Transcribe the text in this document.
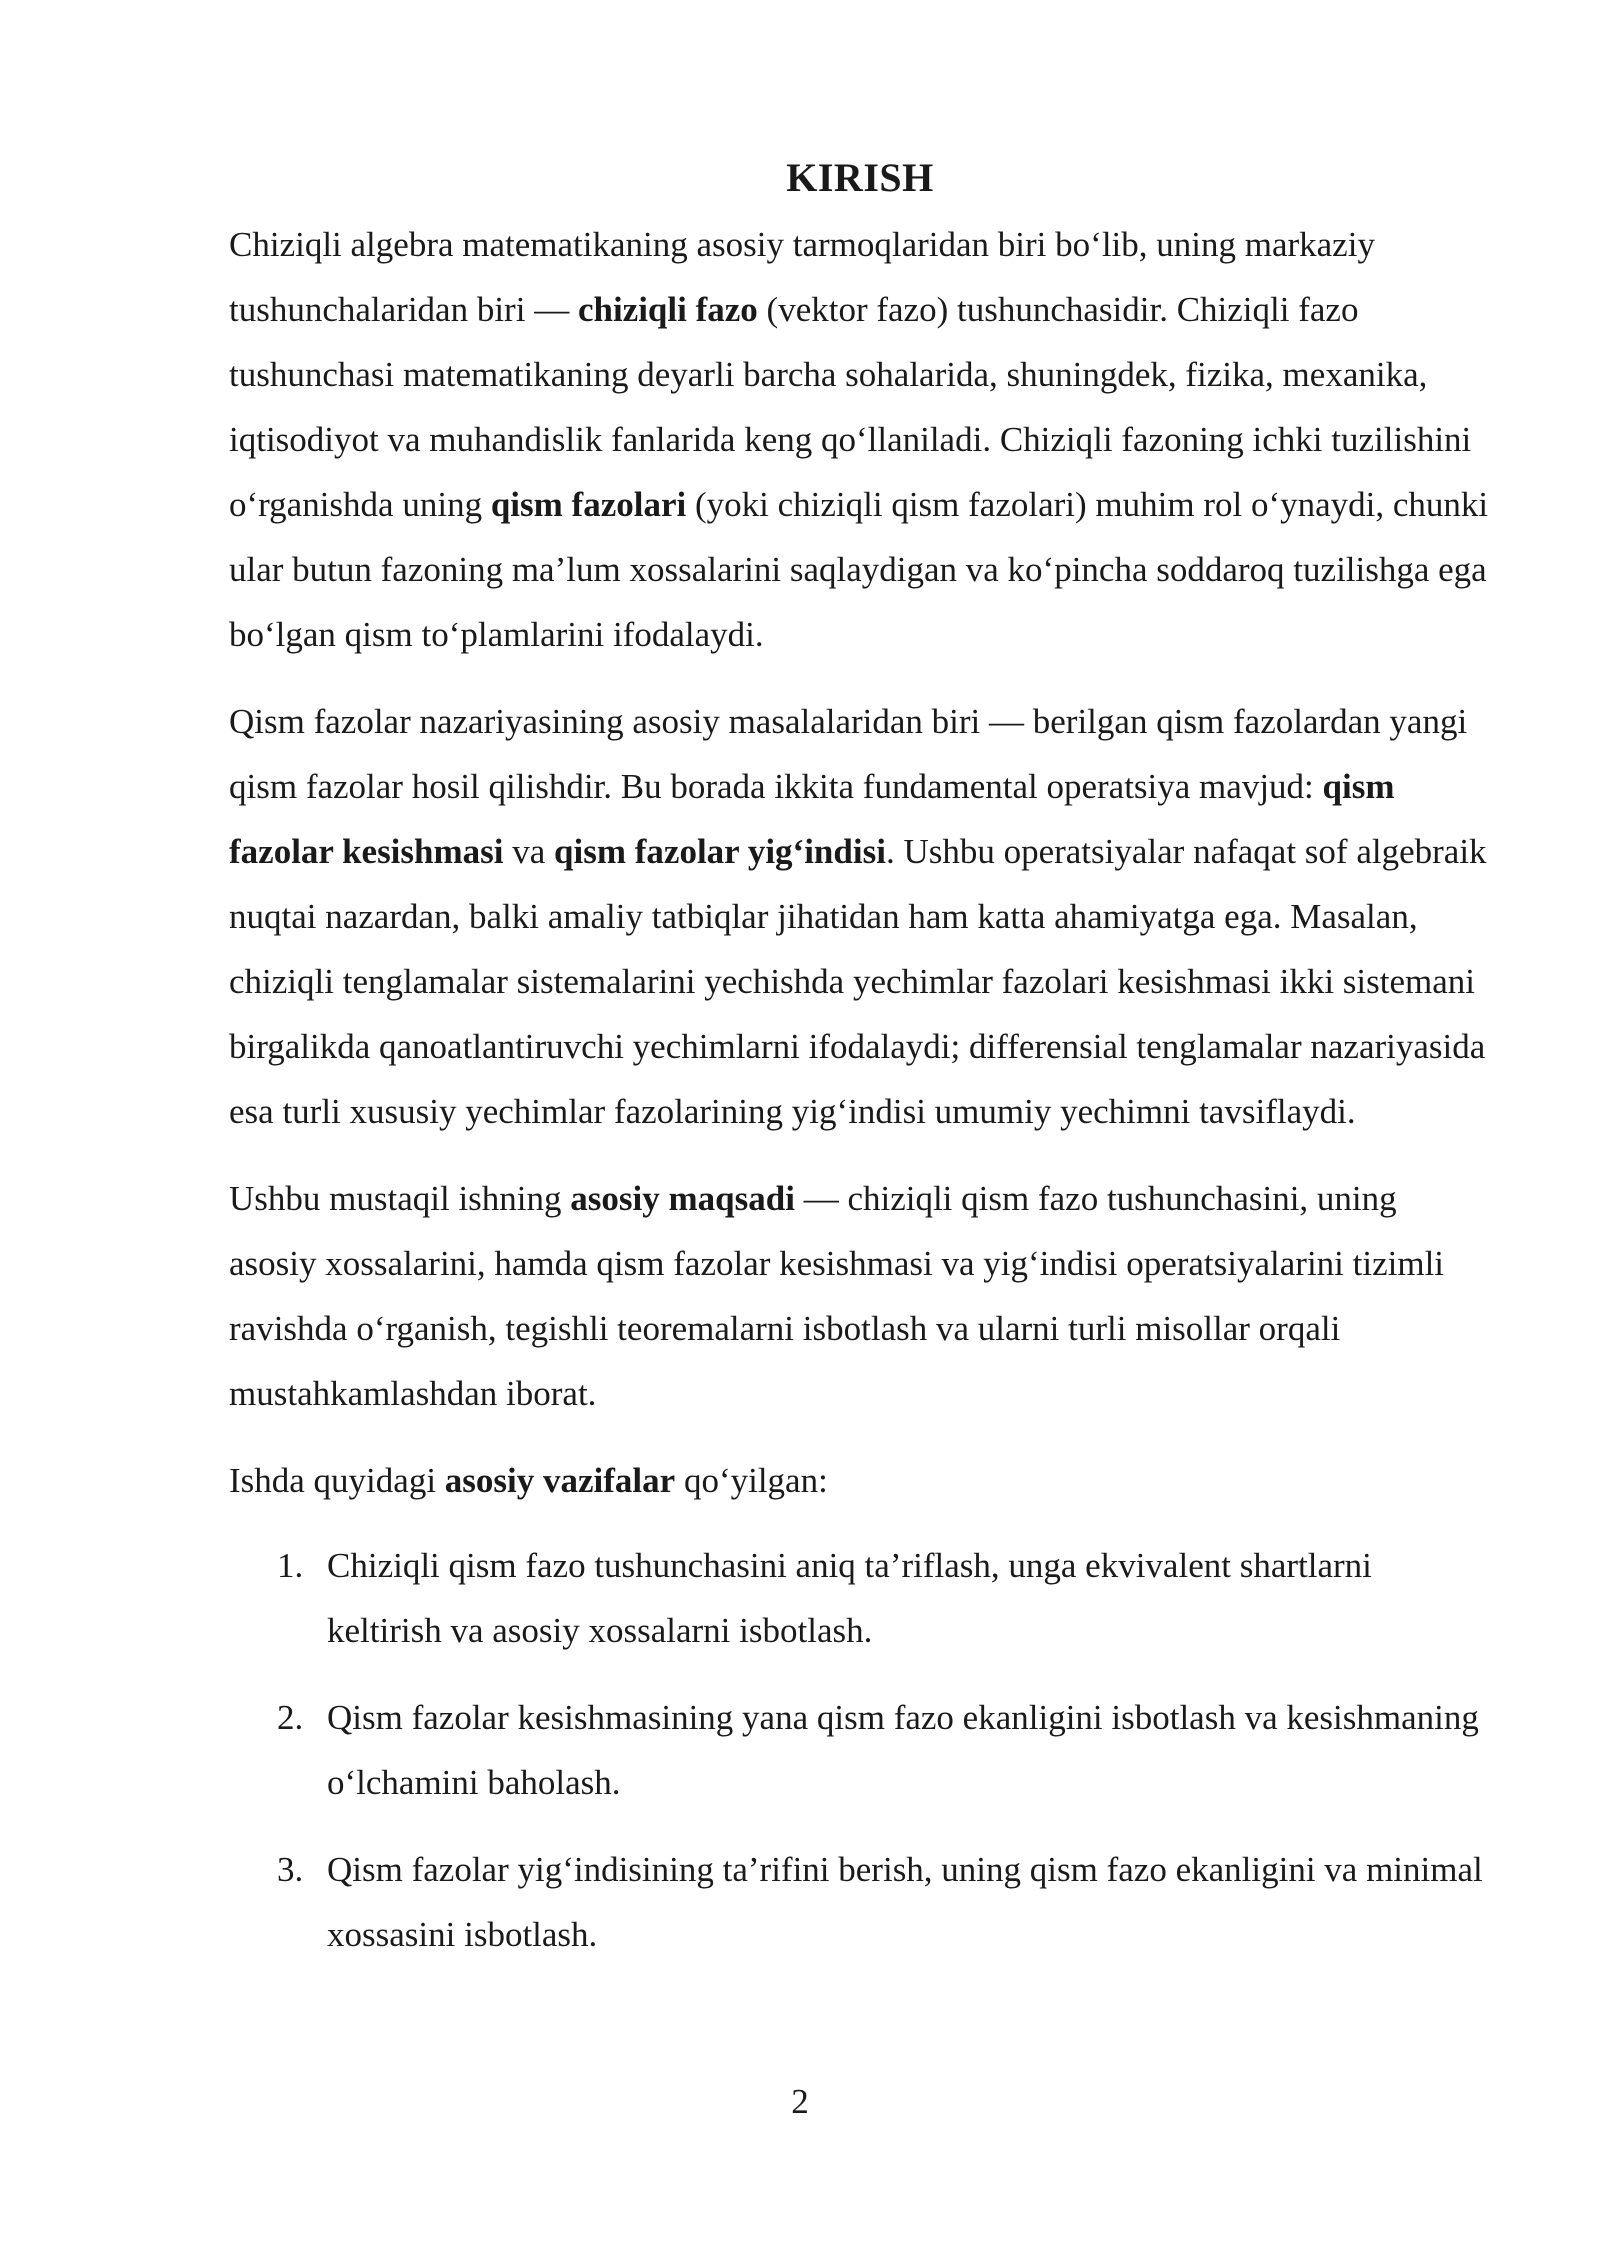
KIRISH

Chiziqli algebra matematikaning asosiy tarmoqlaridan biri bo‘lib, uning markaziy tushunchalaridan biri — chiziqli fazo (vektor fazo) tushunchasidir. Chiziqli fazo tushunchasi matematikaning deyarli barcha sohalarida, shuningdek, fizika, mexanika, iqtisodiyot va muhandislik fanlarida keng qo‘llaniladi. Chiziqli fazoning ichki tuzilishini o‘rganishda uning qism fazolari (yoki chiziqli qism fazolari) muhim rol o‘ynaydi, chunki ular butun fazoning ma’lum xossalarini saqlaydigan va ko‘pincha soddaroq tuzilishga ega bo‘lgan qism to‘plamlarini ifodalaydi.

Qism fazolar nazariyasining asosiy masalalaridan biri — berilgan qism fazolardan yangi qism fazolar hosil qilishdir. Bu borada ikkita fundamental operatsiya mavjud: qism fazolar kesishmasi va qism fazolar yig‘indisi. Ushbu operatsiyalar nafaqat sof algebraik nuqtai nazardan, balki amaliy tatbiqlar jihatidan ham katta ahamiyatga ega. Masalan, chiziqli tenglamalar sistemalarini yechishda yechimlar fazolari kesishmasi ikki sistemani birgalikda qanoatlantiruvchi yechimlarni ifodalaydi; differensial tenglamalar nazariyasida esa turli xususiy yechimlar fazolarining yig‘indisi umumiy yechimni tavsiflaydi.

Ushbu mustaqil ishning asosiy maqsadi — chiziqli qism fazo tushunchasini, uning asosiy xossalarini, hamda qism fazolar kesishmasi va yig‘indisi operatsiyalarini tizimli ravishda o‘rganish, tegishli teoremalarni isbotlash va ularni turli misollar orqali mustahkamlashdan iborat.

Ishda quyidagi asosiy vazifalar qo‘yilgan:

1. Chiziqli qism fazo tushunchasini aniq ta’riflash, unga ekvivalent shartlarni keltirish va asosiy xossalarni isbotlash.
2. Qism fazolar kesishmasining yana qism fazo ekanligini isbotlash va kesishmaning o‘lchamini baholash.
3. Qism fazolar yig‘indisining ta’rifini berish, uning qism fazo ekanligini va minimal xossasini isbotlash.
2
